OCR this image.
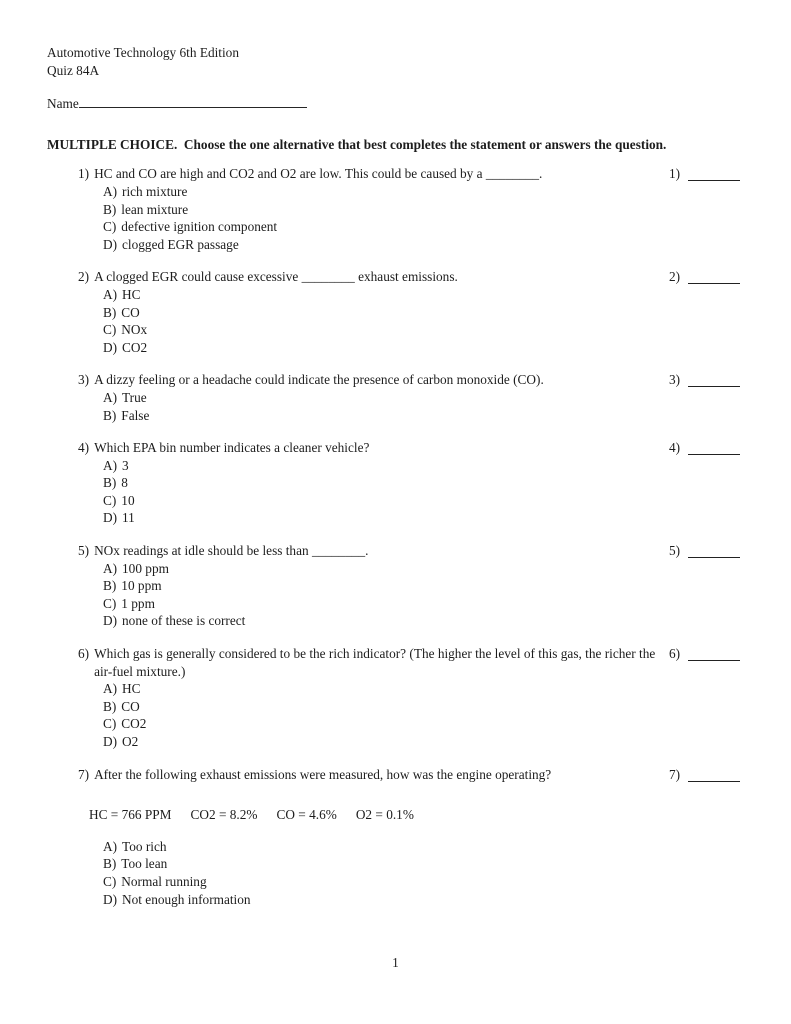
Automotive Technology 6th Edition
Quiz 84A
Name
MULTIPLE CHOICE.  Choose the one alternative that best completes the statement or answers the question.
1) HC and CO are high and CO2 and O2 are low. This could be caused by a ________.
A) rich mixture
B) lean mixture
C) defective ignition component
D) clogged EGR passage
1)
2) A clogged EGR could cause excessive ________ exhaust emissions.
A) HC
B) CO
C) NOx
D) CO2
2)
3) A dizzy feeling or a headache could indicate the presence of carbon monoxide (CO).
A) True
B) False
3)
4) Which EPA bin number indicates a cleaner vehicle?
A) 3
B) 8
C) 10
D) 11
4)
5) NOx readings at idle should be less than ________.
A) 100 ppm
B) 10 ppm
C) 1 ppm
D) none of these is correct
5)
6) Which gas is generally considered to be the rich indicator? (The higher the level of this gas, the richer the air-fuel mixture.)
A) HC
B) CO
C) CO2
D) O2
6)
7) After the following exhaust emissions were measured, how was the engine operating?
HC = 766 PPM CO2 = 8.2% CO = 4.6% O2 = 0.1%
A) Too rich
B) Too lean
C) Normal running
D) Not enough information
7)
1
